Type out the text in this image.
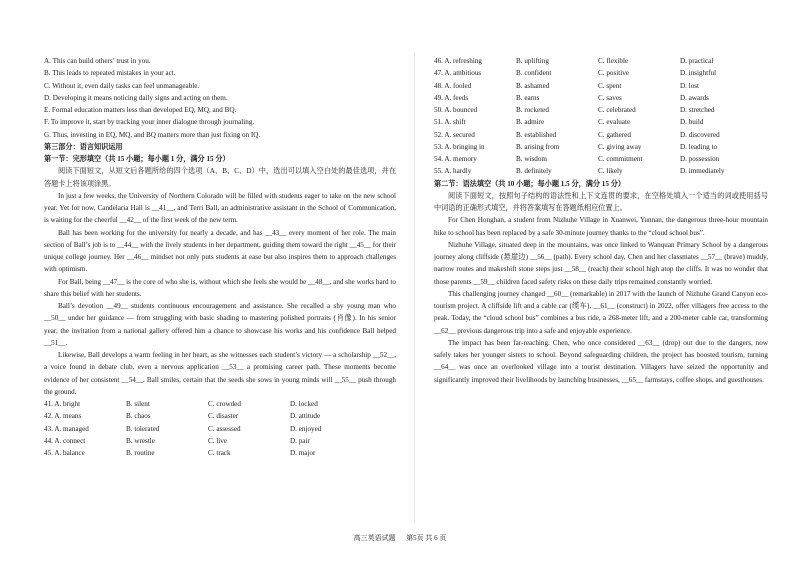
A. This can build others’ trust in you.
B. This leads to repeated mistakes in your act.
C. Without it, even daily tasks can feel unmanageable.
D. Developing it means noticing daily signs and acting on them.
E. Formal education matters less than developed EQ, MQ, and BQ.
F. To improve it, start by tracking your inner dialogue through journaling.
G. Thus, investing in EQ, MQ, and BQ matters more than just fixing on IQ.
第三部分：语言知识运用
第一节：完形填空（共 15 小题；每小题 1 分，满分 15 分）
阅读下面短文，从短文后各题所给的四个选项（A、B、C、D）中，选出可以填入空白处的最佳选项，并在答题卡上将该项涂黑。
In just a few weeks, the University of Northern Colorado will be filled with students eager to take on the new school year. Yet for now, Candelaria Hall is __41__, and Terri Ball, an administrative assistant in the School of Communication, is waiting for the cheerful __42__ of the first week of the new term.
Ball has been working for the university for nearly a decade, and has __43__ every moment of her role. The main section of Ball’s job is to __44__ with the lively students in her department, guiding them toward the right __45__ for their unique college journey. Her __46__ mindset not only puts students at ease but also inspires them to approach challenges with optimism.
For Ball, being __47__ is the core of who she is, without which she feels she would be __48__, and she works hard to share this belief with her students.
Ball’s devotion __49__ students continuous encouragement and assistance. She recalled a shy young man who __50__ under her guidance — from struggling with basic shading to mastering polished portraits (肖像). In his senior year, the invitation from a national gallery offered him a chance to showcase his works and his confidence Ball helped __51__.
Likewise, Ball develops a warm feeling in her heart, as she witnesses each student’s victory — a scholarship __52__, a voice found in debate club, even a nervous application __53__ a promising career path. These moments become evidence of her consistent __54__. Ball smiles, certain that the seeds she sows in young minds will __55__ push through the ground.
41. A. bright	B. silent	C. crowded	D. locked
42. A. means	B. chaos	C. disaster	D. attitude
43. A. managed	B. tolerated	C. assessed	D. enjoyed
44. A. connect	B. wrestle	C. live	D. pair
45. A. balance	B. routine	C. track	D. major
46. A. refreshing	B. uplifting	C. flexible	D. practical
47. A. ambitious	B. confident	C. positive	D. insightful
48. A. fooled	B. ashamed	C. spent	D. lost
49. A. feeds	B. earns	C. saves	D. awards
50. A. bounced	B. rocketed	C. celebrated	D. stretched
51. A. shift	B. admire	C. evaluate	D. build
52. A. secured	B. established	C. gathered	D. discovered
53. A. bringing in	B. arising from	C. giving away	D. leading to
54. A. memory	B. wisdom	C. commitment	D. possession
55. A. hardly	B. definitely	C. likely	D. immediately
第二节：语法填空（共 10 小题；每小题 1.5 分，满分 15 分）
阅读下面短文，按照句子结构的语法性和上下文连贯的要求，在空格处填入一个适当的词或使用括号中词语的正确形式填空，并将答案填写在答题纸相应位置上。
For Chen Honghan, a student from Nizhuhe Village in Xuanwei, Yunnan, the dangerous three-hour mountain hike to school has been replaced by a safe 30-minute journey thanks to the “cloud school bus”.
Nizhuhe Village, situated deep in the mountains, was once linked to Wanquan Primary School by a dangerous journey along cliffside (悬崖边) __56__ (path). Every school day, Chen and her classmates __57__ (brave) muddy, narrow routes and makeshift stone steps just __58__ (reach) their school high atop the cliffs. It was no wonder that those parents __59__ children faced safety risks on these daily trips remained constantly worried.
This challenging journey changed __60__ (remarkable) in 2017 with the launch of Nizhuhe Grand Canyon eco-tourism project. A cliffside lift and a cable car (缆车), __61__ (construct) in 2022, offer villagers free access to the peak. Today, the “cloud school bus” combines a bus ride, a 268-meter lift, and a 200-meter cable car, transforming __62__ previous dangerous trip into a safe and enjoyable experience.
The impact has been far-reaching. Chen, who once considered __63__ (drop) out due to the dangers, now safely takes her younger sisters to school. Beyond safeguarding children, the project has boosted tourism, turning __64__ was once an overlooked village into a tourist destination. Villagers have seized the opportunity and significantly improved their livelihoods by launching businesses, __65__ farmstays, coffee shops, and guesthouses.
高三英语试题 第5页 共 6 页
